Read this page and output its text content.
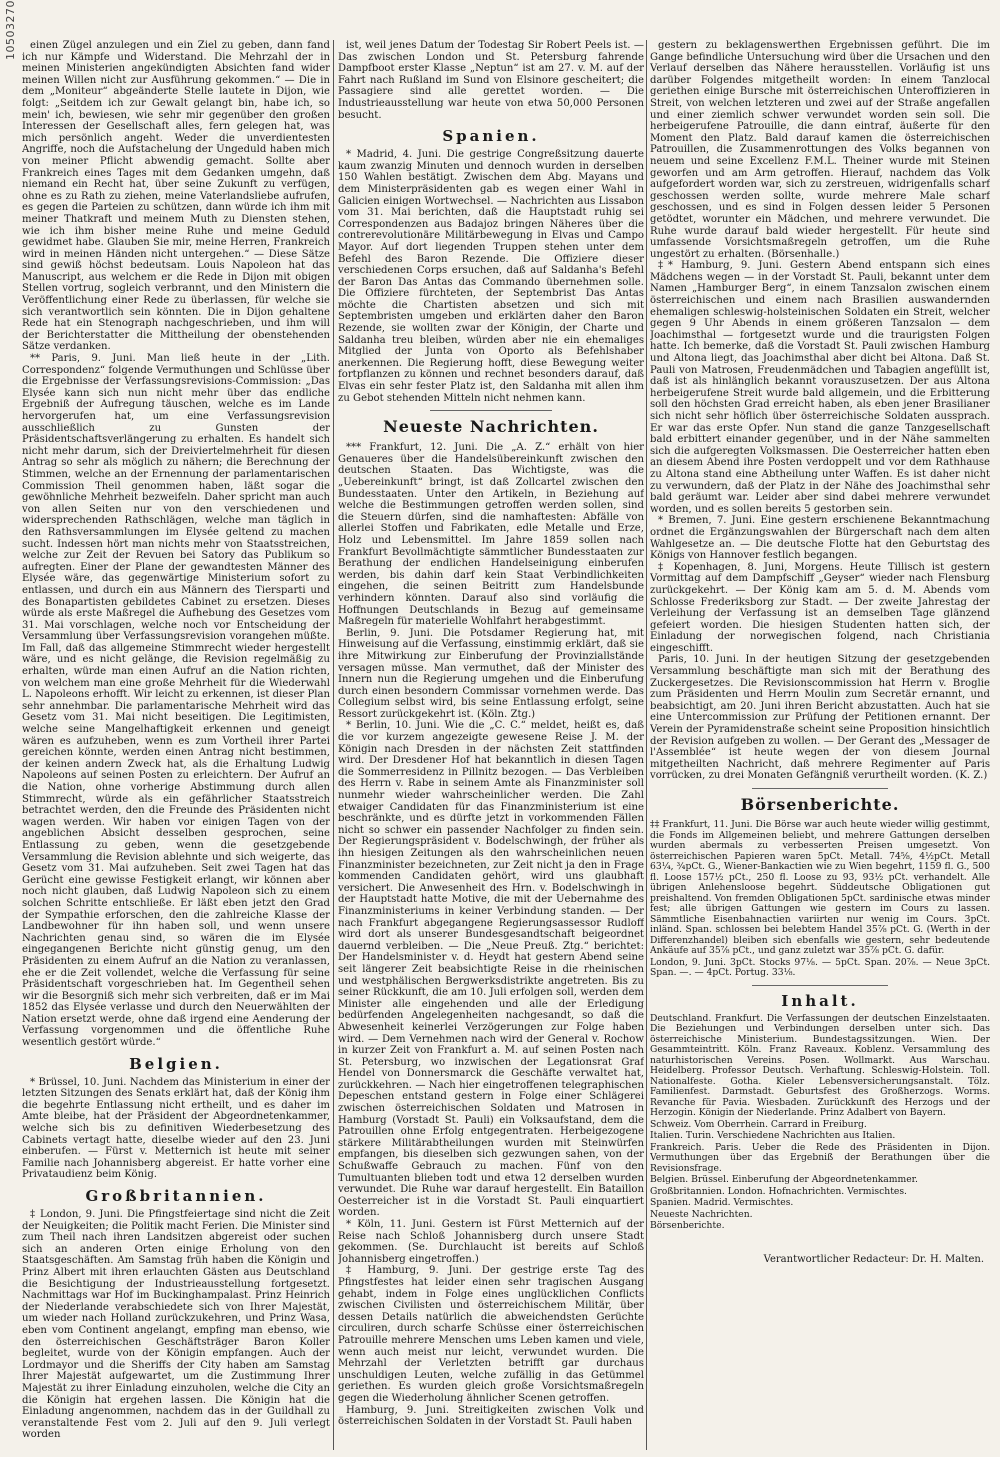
10503270	einen Zügel anzulegen und ein Ziel zu geben, dann fand ich nur Kämpfe und Widerstand. Die Mehrzahl der in meinen Ministerien angekündigten Absichten fand wider meinen Willen nicht zur Ausführung gekommen.“ — Die in dem „Moniteur“ abgeänderte Stelle lautete in Dijon, wie folgt: „Seitdem ich zur Gewalt gelangt bin, habe ich, so mein' ich, bewiesen, wie sehr mir gegenüber den großen Interessen der Gesellschaft alles, fern gelegen hat, was mich persönlich angeht. Weder die unverdientesten Angriffe, noch die Aufstachelung der Ungeduld haben mich von meiner Pflicht abwendig gemacht. Sollte aber Frankreich eines Tages mit dem Gedanken umgehn, daß niemand ein Recht hat, über seine Zukunft zu verfügen, ohne es zu Rath zu ziehen, meine Vaterlandsliebe aufrufen, es gegen die Parteien zu schützen, dann würde ich ihm mit meiner Thatkraft und meinem Muth zu Diensten stehen, wie ich ihm bisher meine Ruhe und meine Geduld gewidmet habe. Glauben Sie mir, meine Herren, Frankreich wird in meinen Händen nicht untergehen.“ — Diese Sätze sind gewiß höchst bedeutsam. Louis Napoleon hat das Manuscript, aus welchem er die Rede in Dijon mit obigen Stellen vortrug, sogleich verbrannt, und den Ministern die Veröffentlichung einer Rede zu überlassen, für welche sie sich verantwortlich sein könnten. Die in Dijon gehaltene Rede hat ein Stenograph nachgeschrieben, und ihm will der Berichterstatter die Mittheilung der obenstehenden Sätze verdanken.

** Paris, 9. Juni. Man ließ heute in der „Lith. Correspondenz“ folgende Vermuthungen und Schlüsse über die Ergebnisse der Verfassungsrevisions-Commission: „Das Elysée kann sich nun nicht mehr über das endliche Ergebniß der Aufregung täuschen, welche es im Lande hervorgerufen hat, um eine Verfassungsrevision ausschließlich zu Gunsten der Präsidentschaftsverlängerung zu erhalten. Es handelt sich nicht mehr darum, sich der Dreiviertelmehrheit für diesen Antrag so sehr als möglich zu nähern; die Berechnung der Stimmen, welche an der Ernennung der parlamentarischen Commission Theil genommen haben, läßt sogar die gewöhnliche Mehrheit bezweifeln. Daher spricht man auch von allen Seiten nur von den verschiedenen und widersprechenden Rathschlägen, welche man täglich in den Rathsversammlungen im Elysée geltend zu machen sucht. Indessen hört man nichts mehr von Staatsstreichen, welche zur Zeit der Revuen bei Satory das Publikum so aufregten. Einer der Plane der gewandtesten Männer des Elysée wäre, das gegenwärtige Ministerium sofort zu entlassen, und durch ein aus Männern des Tiersparti und des Bonapartisten gebildetes Cabinet zu ersetzen. Dieses würde als erste Maßregel die Aufhebung des Gesetzes vom 31. Mai vorschlagen, welche noch vor Entscheidung der Versammlung über Verfassungsrevision vorangehen müßte. Im Fall, daß das allgemeine Stimmrecht wieder hergestellt wäre, und es nicht gelänge, die Revision regelmäßig zu erhalten, würde man einen Aufruf an die Nation richten, von welchem man eine große Mehrheit für die Wiederwahl L. Napoleons erhofft. Wir leicht zu erkennen, ist dieser Plan sehr annehmbar. Die parlamentarische Mehrheit wird das Gesetz vom 31. Mai nicht beseitigen. Die Legitimisten, welche seine Mangelhaftigkeit erkennen und geneigt wären es aufzuheben, wenn es zum Vortheil ihrer Partei gereichen könnte, werden einen Antrag nicht bestimmen, der keinen andern Zweck hat, als die Erhaltung Ludwig Napoleons auf seinen Posten zu erleichtern. Der Aufruf an die Nation, ohne vorherige Abstimmung durch allen Stimmrecht, würde als ein gefährlicher Staatsstreich betrachtet werden, den die Freunde des Präsidenten nicht wagen werden. Wir haben vor einigen Tagen von der angeblichen Absicht desselben gesprochen, seine Entlassung zu geben, wenn die gesetzgebende Versammlung die Revision ablehnte und sich weigerte, das Gesetz vom 31. Mai aufzuheben. Seit zwei Tagen hat das Gerücht eine gewisse Festigkeit erlangt, wir können aber noch nicht glauben, daß Ludwig Napoleon sich zu einem solchen Schritte entschließe. Er läßt eben jetzt den Grad der Sympathie erforschen, den die zahlreiche Klasse der Landbewohner für ihn haben soll, und wenn unsere Nachrichten genau sind, so wären die im Elysée eingegangenen Berichte nicht günstig genug, um den Präsidenten zu einem Aufruf an die Nation zu veranlassen, ehe er die Zeit vollendet, welche die Verfassung für seine Präsidentschaft vorgeschrieben hat. Im Gegentheil sehen wir die Besorgniß sich mehr sich verbreiten, daß er im Mai 1852 das Elysée verlasse und durch den Neuerwählten der Nation ersetzt werde, ohne daß irgend eine Aenderung der Verfassung vorgenommen und die öffentliche Ruhe wesentlich gestört würde.“

Belgien.

* Brüssel, 10. Juni. Nachdem das Ministerium in einer der letzten Sitzungen des Senats erklärt hat, daß der König ihm die begehrte Entlassung nicht ertheilt, und es daher im Amte bleibe, hat der Präsident der Abgeordnetenkammer, welche sich bis zu definitiven Wiederbesetzung des Cabinets vertagt hatte, dieselbe wieder auf den 23. Juni einberufen. — Fürst v. Metternich ist heute mit seiner Familie nach Johannisberg abgereist. Er hatte vorher eine Privataudienz beim König.

Großbritannien.

‡ London, 9. Juni. Die Pfingstfeiertage sind nicht die Zeit der Neuigkeiten; die Politik macht Ferien. Die Minister sind zum Theil nach ihren Landsitzen abgereist oder suchen sich an anderen Orten einige Erholung von den Staatsgeschäften. Am Samstag früh haben die Königin und Prinz Albert mit ihren erlauchten Gästen aus Deutschland die Besichtigung der Industrieausstellung fortgesetzt. Nachmittags war Hof im Buckinghampalast. Prinz Heinrich der Niederlande verabschiedete sich von Ihrer Majestät, um wieder nach Holland zurückzukehren, und Prinz Wasa, eben vom Continent angelangt, empfing man ebenso, wie den österreichischen Geschäftsträger Baron Koller begleitet, wurde von der Königin empfangen. Auch der Lordmayor und die Sheriffs der City haben am Samstag Ihrer Majestät aufgewartet, um die Zustimmung Ihrer Majestät zu ihrer Einladung einzuholen, welche die City an die Königin hat ergehen lassen. Die Königin hat die Einladung angenommen, nachdem das in der Guildhall zu veranstaltende Fest vom 2. Juli auf den 9. Juli verlegt worden

ist, weil jenes Datum der Todestag Sir Robert Peels ist. — Das zwischen London und St. Petersburg fahrende Dampfboot erster Klasse „Neptun“ ist am 27. v. M. auf der Fahrt nach Rußland im Sund von Elsinore gescheitert; die Passagiere sind alle gerettet worden. — Die Industrieausstellung war heute von etwa 50,000 Personen besucht.

Spanien.

* Madrid, 4. Juni. Die gestrige Congreßsitzung dauerte kaum zwanzig Minuten und dennoch wurden in derselben 150 Wahlen bestätigt. Zwischen dem Abg. Mayans und dem Ministerpräsidenten gab es wegen einer Wahl in Galicien einigen Wortwechsel. — Nachrichten aus Lissabon vom 31. Mai berichten, daß die Hauptstadt ruhig sei Correspondenzen aus Badajoz bringen Näheres über die contrerevolutionäre Militärbewegung in Elvas und Campo Mayor. Auf dort liegenden Truppen stehen unter dem Befehl des Baron Rezende. Die Offiziere dieser verschiedenen Corps ersuchen, daß auf Saldanha's Befehl der Baron Das Antas das Commando übernehmen solle. Die Offiziere fürchteten, der Septembrist Das Antas möchte die Chartisten absetzen und sich mit Septembristen umgeben und erklärten daher den Baron Rezende, sie wollten zwar der Königin, der Charte und Saldanha treu bleiben, würden aber nie ein ehemaliges Mitglied der Junta von Oporto als Befehlshaber anerkennen. Die Regierung hofft, diese Bewegung weiter fortpflanzen zu können und rechnet besonders darauf, daß Elvas ein sehr fester Platz ist, den Saldanha mit allen ihm zu Gebot stehenden Mitteln nicht nehmen kann.

Neueste Nachrichten.

*** Frankfurt, 12. Juni. Die „A. Z.“ erhält von hier Genaueres über die Handelsübereinkunft zwischen den deutschen Staaten. Das Wichtigste, was die „Uebereinkunft“ bringt, ist daß Zollcartel zwischen den Bundesstaaten. Unter den Artikeln, in Beziehung auf welche die Bestimmungen getroffen werden sollen, sind die Steuern dürfen, sind die namhaftesten: Abfälle von allerlei Stoffen und Fabrikaten, edle Metalle und Erze, Holz und Lebensmittel. Im Jahre 1859 sollen nach Frankfurt Bevollmächtigte sämmtlicher Bundesstaaten zur Berathung der endlichen Handelseinigung einberufen werden, bis dahin darf kein Staat Verbindlichkeiten eingehen, die seinen Beitritt zum Handelsbunde verhindern könnten. Darauf also sind vorläufig die Hoffnungen Deutschlands in Bezug auf gemeinsame Maßregeln für materielle Wohlfahrt herabgestimmt.

Berlin, 9. Juni. Die Potsdamer Regierung hat, mit Hinweisung auf die Verfassung, einstimmig erklärt, daß sie ihre Mitwirkung zur Einberufung der Provinziallstände versagen müsse. Man vermuthet, daß der Minister des Innern nun die Regierung umgehen und die Einberufung durch einen besondern Commissar vornehmen werde. Das Collegium selbst wird, bis seine Entlassung erfolgt, seine Ressort zurückgekehrt ist. (Köln. Ztg.)

* Berlin, 10. Juni. Wie die „C. C.“ meldet, heißt es, daß die vor kurzem angezeigte gewesene Reise J. M. der Königin nach Dresden in der nächsten Zeit stattfinden wird. Der Dresdener Hof hat bekanntlich in diesen Tagen die Sommerresidenz in Pillnitz bezogen. — Das Verbleiben des Herrn v. Rabe in seinem Amte als Finanzminister soll nunmehr wieder wahrscheinlicher werden. Die Zahl etwaiger Candidaten für das Finanzministerium ist eine beschränkte, und es dürfte jetzt in vorkommenden Fällen nicht so schwer ein passender Nachfolger zu finden sein. Der Regierungspräsident v. Bodelschwingh, der früher als ihn hiesigen Zeitungen als den wahrscheinlichen neuen Finanzminister bezeichneten, zur Zeit nicht ja den in Frage kommenden Candidaten gehört, wird uns glaubhaft versichert. Die Anwesenheit des Hrn. v. Bodelschwingh in der Hauptstadt hatte Motive, die mit der Uebernahme des Finanzministeriums in keiner Verbindung standen. — Der nach Frankfurt abgegangene Regierungsassessor Rudloff wird dort als unserer Bundesgesandtschaft beigeordnet dauernd verbleiben. — Die „Neue Preuß. Ztg.“ berichtet: Der Handelsminister v. d. Heydt hat gestern Abend seine seit längerer Zeit beabsichtigte Reise in die rheinischen und westphälischen Bergwerksdistrikte angetreten. Bis zu seiner Rückkunft, die am 10. Juli erfolgen soll, werden dem Minister alle eingehenden und alle der Erledigung bedürfenden Angelegenheiten nachgesandt, so daß die Abwesenheit keinerlei Verzögerungen zur Folge haben wird. — Dem Vernehmen nach wird der General v. Rochow in kurzer Zeit von Frankfurt a. M. auf seinen Posten nach St. Petersburg, wo inzwischen der Legationsrat Graf Hendel von Donnersmarck die Geschäfte verwaltet hat, zurückkehren. — Nach hier eingetroffenen telegraphischen Depeschen entstand gestern in Folge einer Schlägerei zwischen österreichischen Soldaten und Matrosen in Hamburg (Vorstadt St. Pauli) ein Volksaufstand, dem die Patrouillen ohne Erfolg entgegentraten. Herbeigezogene stärkere Militärabtheilungen wurden mit Steinwürfen empfangen, bis dieselben sich gezwungen sahen, von der Schußwaffe Gebrauch zu machen. Fünf von den Tumultuanten blieben todt und etwa 12 derselben wurden verwundet. Die Ruhe war darauf hergestellt. Ein Bataillon Oesterreicher ist in die Vorstadt St. Pauli einquartiert worden.

* Köln, 11. Juni. Gestern ist Fürst Metternich auf der Reise nach Schloß Johannisberg durch unsere Stadt gekommen. (Se. Durchlaucht ist bereits auf Schloß Johannisberg eingetroffen.)

‡ Hamburg, 9. Juni. Der gestrige erste Tag des Pfingstfestes hat leider einen sehr tragischen Ausgang gehabt, indem in Folge eines unglücklichen Conflicts zwischen Civilisten und österreichischem Militär, über dessen Details natürlich die abweichendsten Gerüchte circuliren, durch scharfe Schüsse einer österreichischen Patrouille mehrere Menschen ums Leben kamen und viele, wenn auch meist nur leicht, verwundet wurden. Die Mehrzahl der Verletzten betrifft gar durchaus unschuldigen Leuten, welche zufällig in das Getümmel geriethen. Es wurden gleich große Vorsichtsmaßregeln gegen die Wiederholung ähnlicher Scenen getroffen.

Hamburg, 9. Juni. Streitigkeiten zwischen Volk und österreichischen Soldaten in der Vorstadt St. Pauli haben

gestern zu beklagenswerthen Ergebnissen geführt. Die im Gange befindliche Untersuchung wird über die Ursachen und den Verlauf derselben das Nähere herausstellen. Vorläufig ist uns darüber Folgendes mitgetheilt worden: In einem Tanzlocal geriethen einige Bursche mit österreichischen Unteroffizieren in Streit, von welchen letzteren und zwei auf der Straße angefallen und einer ziemlich schwer verwundet worden sein soll. Die herbeigerufene Patrouille, die dann eintraf, äußerte für den Moment den Platz. Bald darauf kamen die österreichischen Patrouillen, die Zusammenrottungen des Volks begannen von neuem und seine Excellenz F.M.L. Theiner wurde mit Steinen geworfen und am Arm getroffen. Hierauf, nachdem das Volk aufgefordert worden war, sich zu zerstreuen, widrigenfalls scharf geschossen werden sollte, wurde mehrere Male scharf geschossen, und es sind in Folgen dessen leider 5 Personen getödtet, worunter ein Mädchen, und mehrere verwundet. Die Ruhe wurde darauf bald wieder hergestellt. Für heute sind umfassende Vorsichtsmaßregeln getroffen, um die Ruhe ungestört zu erhalten. (Börsenhalle.)

‡* Hamburg, 9. Juni. Gestern Abend entspann sich eines Mädchens wegen — in der Vorstadt St. Pauli, bekannt unter dem Namen „Hamburger Berg“, in einem Tanzsalon zwischen einem österreichischen und einem nach Brasilien auswandernden ehemaligen schleswig-holsteinischen Soldaten ein Streit, welcher gegen 9 Uhr Abends in einem größeren Tanzsalon — dem Joachimsthal — fortgesetzt wurde und die traurigsten Folgen hatte. Ich bemerke, daß die Vorstadt St. Pauli zwischen Hamburg und Altona liegt, das Joachimsthal aber dicht bei Altona. Daß St. Pauli von Matrosen, Freudenmädchen und Tabagien angefüllt ist, daß ist als hinlänglich bekannt vorauszusetzen. Der aus Altona herbeigerufene Streit wurde bald allgemein, und die Erbitterung soll den höchsten Grad erreicht haben, als eben jener Brasilianer sich nicht sehr höflich über österreichische Soldaten aussprach. Er war das erste Opfer. Nun stand die ganze Tanzgesellschaft bald erbittert einander gegenüber, und in der Nähe sammelten sich die aufgeregten Volksmassen. Die Oesterreicher hatten eben an diesem Abend ihre Posten verdoppelt und vor dem Rathhause zu Altona stand eine Abtheilung unter Waffen. Es ist daher nicht zu verwundern, daß der Platz in der Nähe des Joachimsthal sehr bald geräumt war. Leider aber sind dabei mehrere verwundet worden, und es sollen bereits 5 gestorben sein.

* Bremen, 7. Juni. Eine gestern erschienene Bekanntmachung ordnet die Ergänzungswahlen der Bürgerschaft nach dem alten Wahlgesetze an. — Die deutsche Flotte hat den Geburtstag des Königs von Hannover festlich begangen.

‡ Kopenhagen, 8. Juni, Morgens. Heute Tillisch ist gestern Vormittag auf dem Dampfschiff „Geyser“ wieder nach Flensburg zurückgekehrt. — Der König kam am 5. d. M. Abends vom Schlosse Frederiksborg zur Stadt. — Der zweite Jahrestag der Verleihung der Verfassung ist an demselben Tage glänzend gefeiert worden. Die hiesigen Studenten hatten sich, der Einladung der norwegischen folgend, nach Christiania eingeschifft.

Paris, 10. Juni. In der heutigen Sitzung der gesetzgebenden Versammlung beschäftigte man sich mit der Berathung des Zuckergesetzes. Die Revisionscommission hat Herrn v. Broglie zum Präsidenten und Herrn Moulin zum Secretär ernannt, und beabsichtigt, am 20. Juni ihren Bericht abzustatten. Auch hat sie eine Untercommission zur Prüfung der Petitionen ernannt. Der Verein der Pyramidenstraße scheint seine Proposition hinsichtlich der Revision aufgeben zu wollen. — Der Gerant des „Messager de l'Assemblée“ ist heute wegen der von diesem Journal mitgetheilten Nachricht, daß mehrere Regimenter auf Paris vorrücken, zu drei Monaten Gefängniß verurtheilt worden. (K. Z.)

Börsenberichte.

‡‡ Frankfurt, 11. Juni. Die Börse war auch heute wieder willig gestimmt, die Fonds im Allgemeinen beliebt, und mehrere Gattungen derselben wurden abermals zu verbesserten Preisen umgesetzt. Von österreichischen Papieren waren 5pCt. Metall. 74⅝, 4½pCt. Metall 63¼, ¾pCt. G., Wiener-Bankactien wie zu Wien begehrt, 1159 fl. G., 500 fl. Loose 157½ pCt., 250 fl. Loose zu 93, 93½ pCt. verhandelt. Alle übrigen Anlehensloose begehrt. Süddeutsche Obligationen gut preishaltend. Von fremden Obligationen 5pCt. sardinische etwas minder fest; alle übrigen Gattungen wie gestern im Cours zu lassen. Sämmtliche Eisenbahnactien variirten nur wenig im Cours. 3pCt. inländ. Span. schlossen bei belebtem Handel 35⅞ pCt. G. (Werth in der Differenzhandel) bleiben sich ebenfalls wie gestern, sehr bedeutende Ankäufe auf 35⅞ pCt., und ganz zuletzt war 35⅞ pCt. G. dafür.

London, 9. Juni. 3pCt. Stocks 97⅛. — 5pCt. Span. 20⅞. — Neue 3pCt. Span. —. — 4pCt. Portug. 33⅛.

Inhalt.

Deutschland. Frankfurt. Die Verfassungen der deutschen Einzelstaaten. Die Beziehungen und Verbindungen derselben unter sich. Das österreichische Ministerium. Bundestagssitzungen. Wien. Der Gesammteintritt. Köln. Franz Raveaux. Koblenz. Versammlung des naturhistorischen Vereins. Posen. Wollmarkt. Aus Warschau. Heidelberg. Professor Deutsch. Verhaftung. Schleswig-Holstein. Toll. Nationalfeste. Gotha. Kieler Lebensversicherungsanstalt. Tölz. Familienfest. Darmstadt. Geburtsfest des Großherzogs. Worms. Revanche für Pavia. Wiesbaden. Zurückkunft des Herzogs und der Herzogin. Königin der Niederlande. Prinz Adalbert von Bayern.

Schweiz. Vom Oberrhein. Carrard in Freiburg.

Italien. Turin. Verschiedene Nachrichten aus Italien.

Frankreich. Paris. Ueber die Rede des Präsidenten in Dijon. Vermuthungen über das Ergebniß der Berathungen über die Revisionsfrage.

Belgien. Brüssel. Einberufung der Abgeordnetenkammer.

Großbritannien. London. Hofnachrichten. Vermischtes.

Spanien. Madrid. Vermischtes.

Neueste Nachrichten.

Börsenberichte.

Verantwortlicher Redacteur: Dr. H. Malten.
